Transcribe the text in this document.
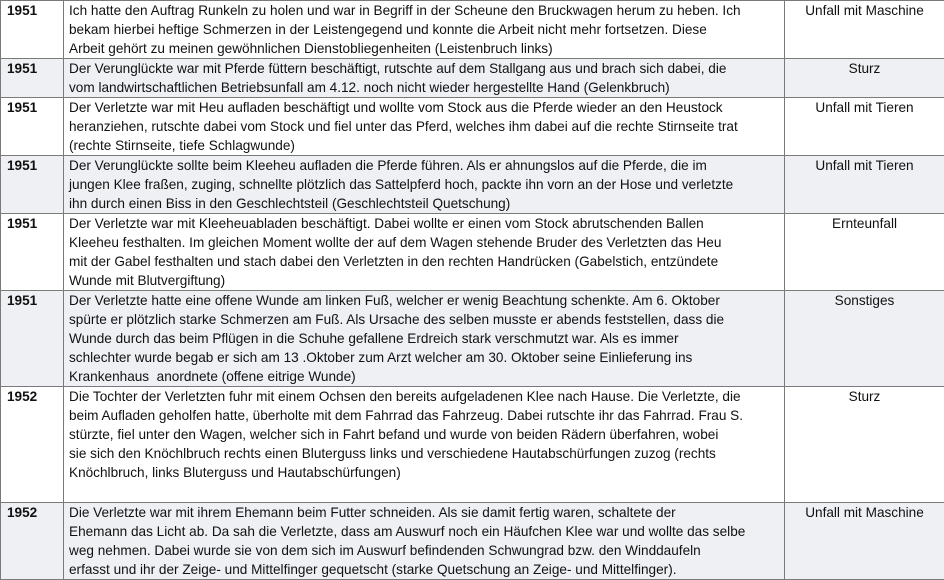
1951	Ich hatte den Auftrag Runkeln zu holen und war in Begriff in der Scheune den Bruckwagen herum zu heben. Ich
bekam hierbei heftige Schmerzen in der Leistengegend und konnte die Arbeit nicht mehr fortsetzen. Diese
Arbeit gehört zu meinen gewöhnlichen Dienstobliegenheiten (Leistenbruch links)	Unfall mit Maschine
1951	Der Verunglückte war mit Pferde füttern beschäftigt, rutschte auf dem Stallgang aus und brach sich dabei, die
vom landwirtschaftlichen Betriebsunfall am 4.12. noch nicht wieder hergestellte Hand (Gelenkbruch)	Sturz
1951	Der Verletzte war mit Heu aufladen beschäftigt und wollte vom Stock aus die Pferde wieder an den Heustock
heranziehen, rutschte dabei vom Stock und fiel unter das Pferd, welches ihm dabei auf die rechte Stirnseite trat
(rechte Stirnseite, tiefe Schlagwunde)	Unfall mit Tieren
1951	Der Verunglückte sollte beim Kleeheu aufladen die Pferde führen. Als er ahnungslos auf die Pferde, die im
jungen Klee fraßen, zuging, schnellte plötzlich das Sattelpferd hoch, packte ihn vorn an der Hose und verletzte
ihn durch einen Biss in den Geschlechtsteil (Geschlechtsteil Quetschung)	Unfall mit Tieren
1951	Der Verletzte war mit Kleeheuabladen beschäftigt. Dabei wollte er einen vom Stock abrutschenden Ballen
Kleeheu festhalten. Im gleichen Moment wollte der auf dem Wagen stehende Bruder des Verletzten das Heu
mit der Gabel festhalten und stach dabei den Verletzten in den rechten Handrücken (Gabelstich, entzündete
Wunde mit Blutvergiftung)	Ernteunfall
1951	Der Verletzte hatte eine offene Wunde am linken Fuß, welcher er wenig Beachtung schenkte. Am 6. Oktober
spürte er plötzlich starke Schmerzen am Fuß. Als Ursache des selben musste er abends feststellen, dass die
Wunde durch das beim Pflügen in die Schuhe gefallene Erdreich stark verschmutzt war. Als es immer
schlechter wurde begab er sich am 13 .Oktober zum Arzt welcher am 30. Oktober seine Einlieferung ins
Krankenhaus  anordnete (offene eitrige Wunde)	Sonstiges
1952	Die Tochter der Verletzten fuhr mit einem Ochsen den bereits aufgeladenen Klee nach Hause. Die Verletzte, die
beim Aufladen geholfen hatte, überholte mit dem Fahrrad das Fahrzeug. Dabei rutschte ihr das Fahrrad. Frau S.
stürzte, fiel unter den Wagen, welcher sich in Fahrt befand und wurde von beiden Rädern überfahren, wobei
sie sich den Knöchlbruch rechts einen Bluterguss links und verschiedene Hautabschürfungen zuzog (rechts
Knöchlbruch, links Bluterguss und Hautabschürfungen)	Sturz
1952	Die Verletzte war mit ihrem Ehemann beim Futter schneiden. Als sie damit fertig waren, schaltete der
Ehemann das Licht ab. Da sah die Verletzte, dass am Auswurf noch ein Häufchen Klee war und wollte das selbe
weg nehmen. Dabei wurde sie von dem sich im Auswurf befindenden Schwungrad bzw. den Winddaufeln
erfasst und ihr der Zeige- und Mittelfinger gequetscht (starke Quetschung an Zeige- und Mittelfinger).	Unfall mit Maschine
